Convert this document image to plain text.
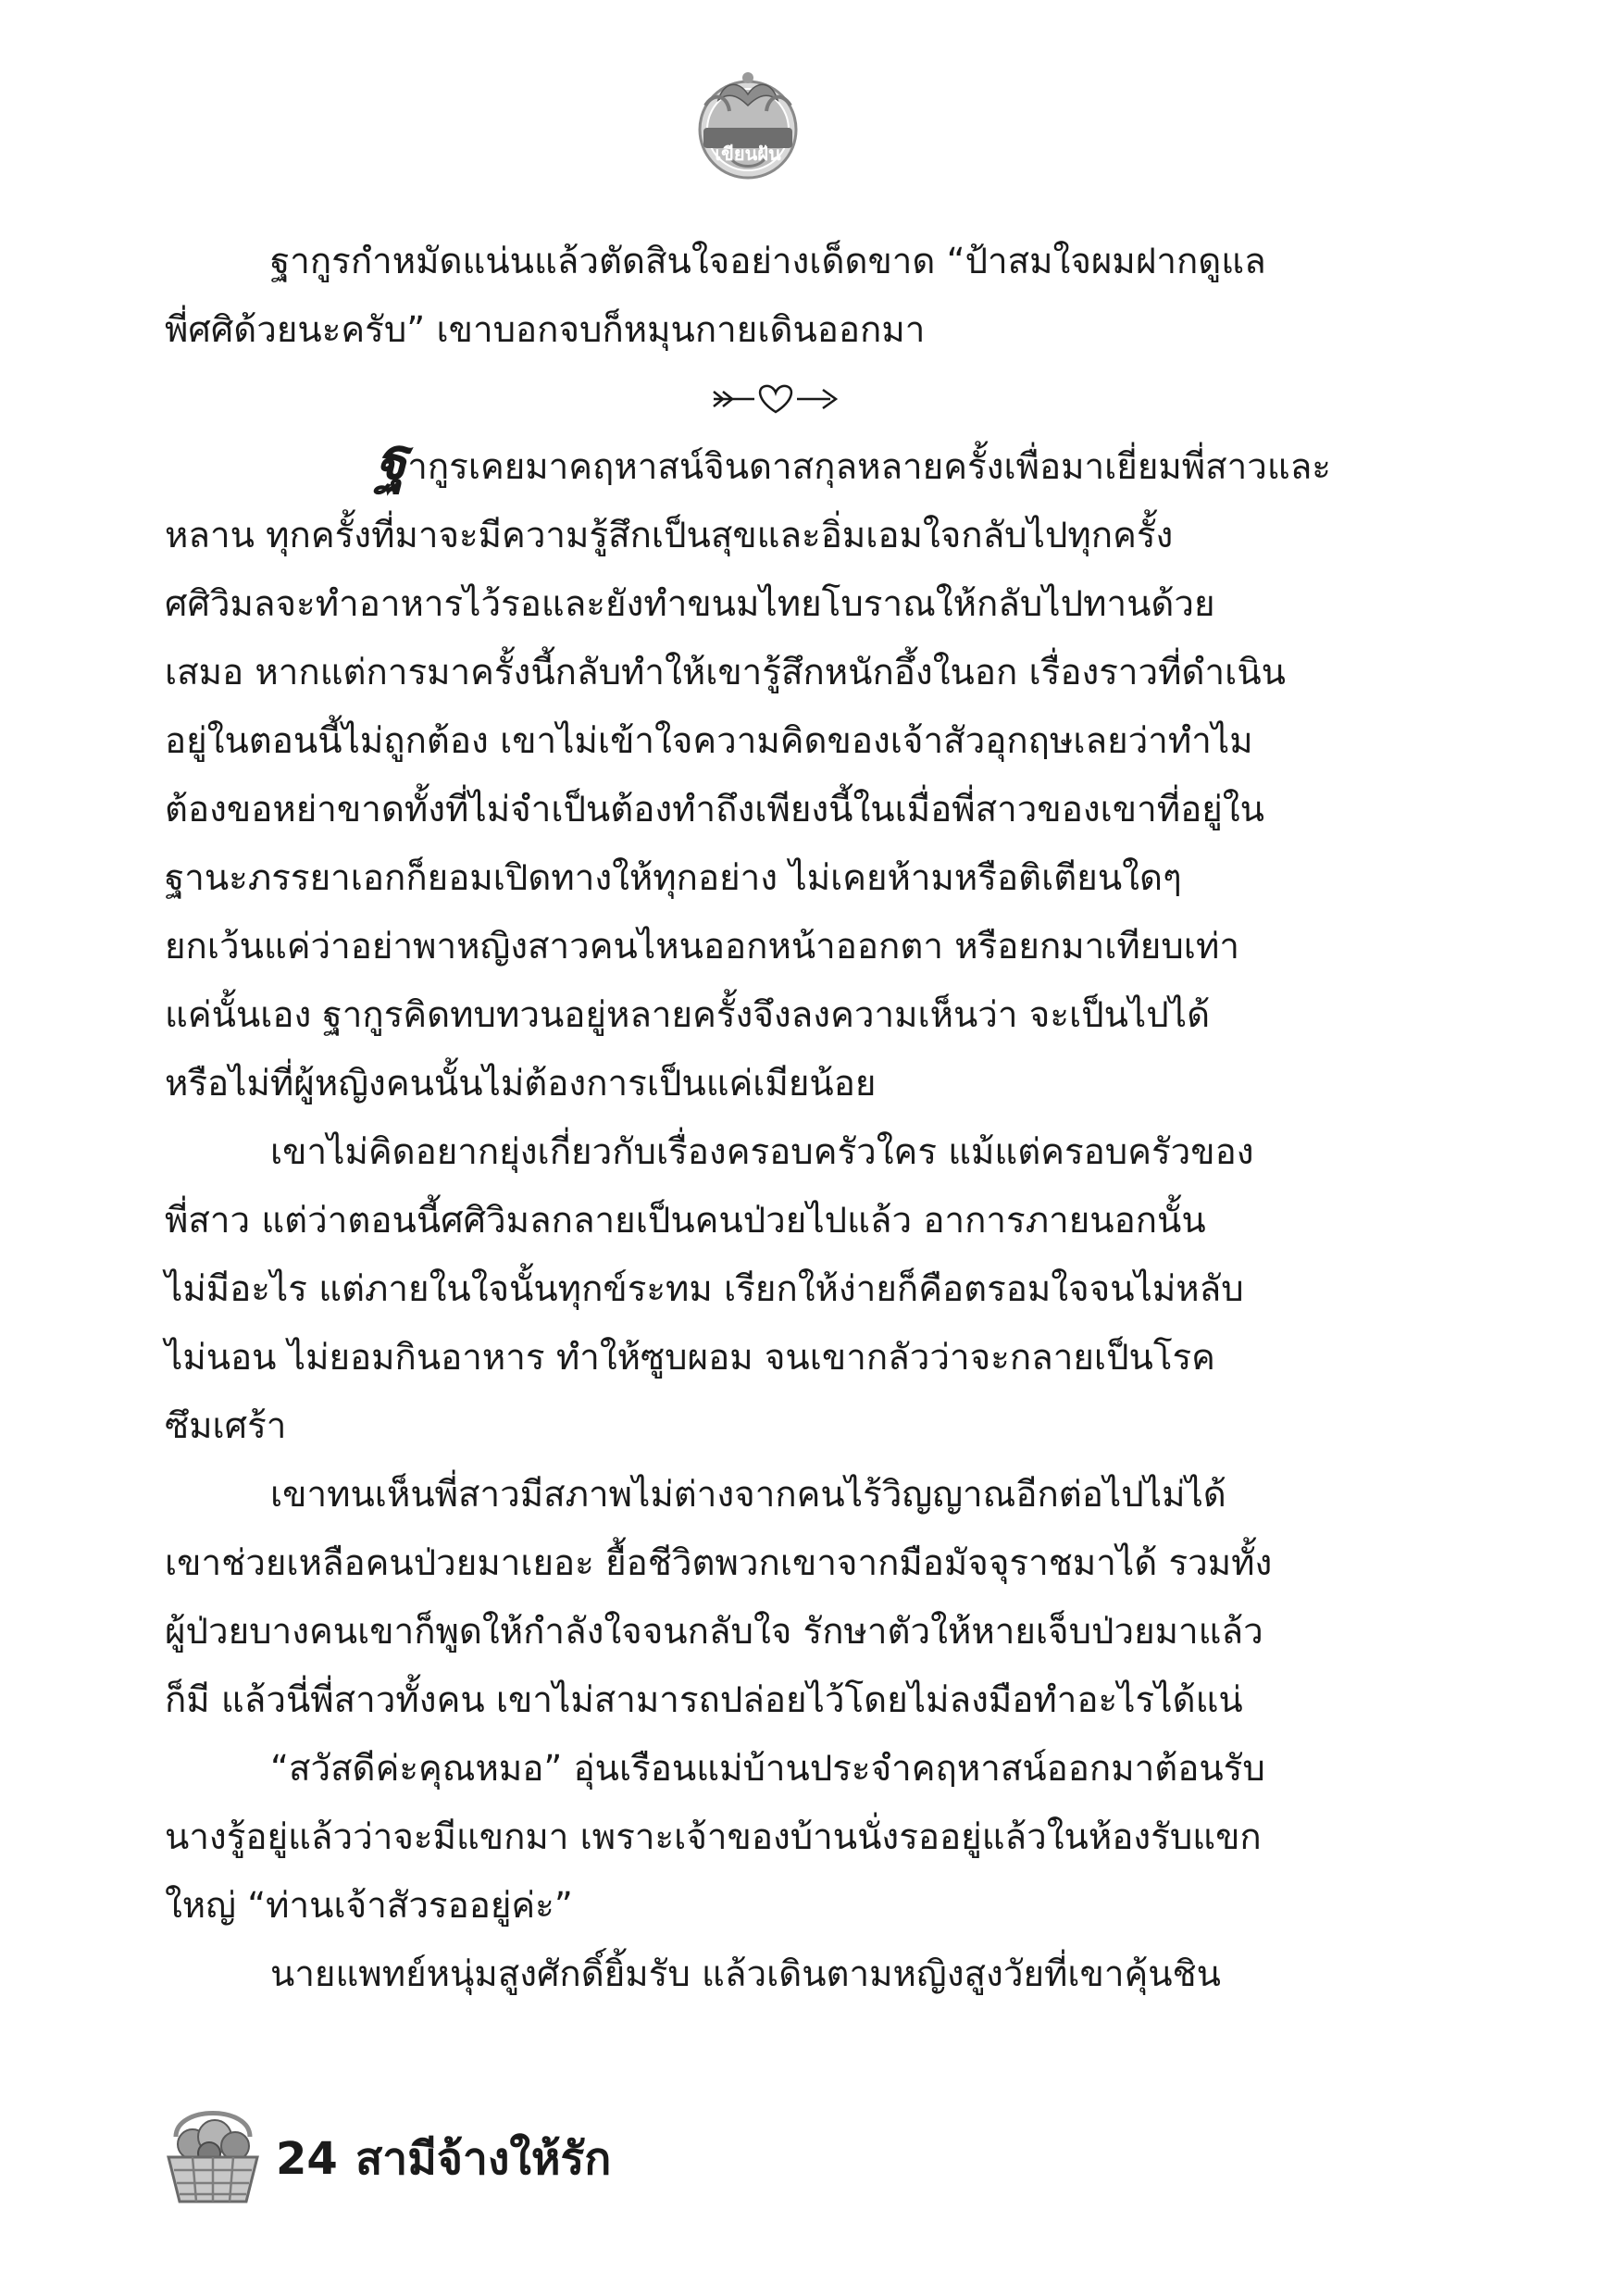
เขียนฝัน

ฐากูรกำหมัดแน่นแล้วตัดสินใจอย่างเด็ดขาด “ป้าสมใจผมฝากดูแล
พี่ศศิด้วยนะครับ” เขาบอกจบก็หมุนกายเดินออกมา

ฐากูรเคยมาคฤหาสน์จินดาสกุลหลายครั้งเพื่อมาเยี่ยมพี่สาวและ
หลาน ทุกครั้งที่มาจะมีความรู้สึกเป็นสุขและอิ่มเอมใจกลับไปทุกครั้ง
ศศิวิมลจะทำอาหารไว้รอและยังทำขนมไทยโบราณให้กลับไปทานด้วย
เสมอ หากแต่การมาครั้งนี้กลับทำให้เขารู้สึกหนักอึ้งในอก เรื่องราวที่ดำเนิน
อยู่ในตอนนี้ไม่ถูกต้อง เขาไม่เข้าใจความคิดของเจ้าสัวอุกฤษเลยว่าทำไม
ต้องขอหย่าขาดทั้งที่ไม่จำเป็นต้องทำถึงเพียงนี้ในเมื่อพี่สาวของเขาที่อยู่ใน
ฐานะภรรยาเอกก็ยอมเปิดทางให้ทุกอย่าง ไม่เคยห้ามหรือติเตียนใดๆ
ยกเว้นแค่ว่าอย่าพาหญิงสาวคนไหนออกหน้าออกตา หรือยกมาเทียบเท่า
แค่นั้นเอง ฐากูรคิดทบทวนอยู่หลายครั้งจึงลงความเห็นว่า จะเป็นไปได้
หรือไม่ที่ผู้หญิงคนนั้นไม่ต้องการเป็นแค่เมียน้อย

เขาไม่คิดอยากยุ่งเกี่ยวกับเรื่องครอบครัวใคร แม้แต่ครอบครัวของ
พี่สาว แต่ว่าตอนนี้ศศิวิมลกลายเป็นคนป่วยไปแล้ว อาการภายนอกนั้น
ไม่มีอะไร แต่ภายในใจนั้นทุกข์ระทม เรียกให้ง่ายก็คือตรอมใจจนไม่หลับ
ไม่นอน ไม่ยอมกินอาหาร ทำให้ซูบผอม จนเขากลัวว่าจะกลายเป็นโรค
ซึมเศร้า

เขาทนเห็นพี่สาวมีสภาพไม่ต่างจากคนไร้วิญญาณอีกต่อไปไม่ได้
เขาช่วยเหลือคนป่วยมาเยอะ ยื้อชีวิตพวกเขาจากมือมัจจุราชมาได้ รวมทั้ง
ผู้ป่วยบางคนเขาก็พูดให้กำลังใจจนกลับใจ รักษาตัวให้หายเจ็บป่วยมาแล้ว
ก็มี แล้วนี่พี่สาวทั้งคน เขาไม่สามารถปล่อยไว้โดยไม่ลงมือทำอะไรได้แน่

“สวัสดีค่ะคุณหมอ” อุ่นเรือนแม่บ้านประจำคฤหาสน์ออกมาต้อนรับ
นางรู้อยู่แล้วว่าจะมีแขกมา เพราะเจ้าของบ้านนั่งรออยู่แล้วในห้องรับแขก
ใหญ่ “ท่านเจ้าสัวรออยู่ค่ะ”

นายแพทย์หนุ่มสูงศักดิ์ยิ้มรับ แล้วเดินตามหญิงสูงวัยที่เขาคุ้นชิน

24 สามีจ้างให้รัก
